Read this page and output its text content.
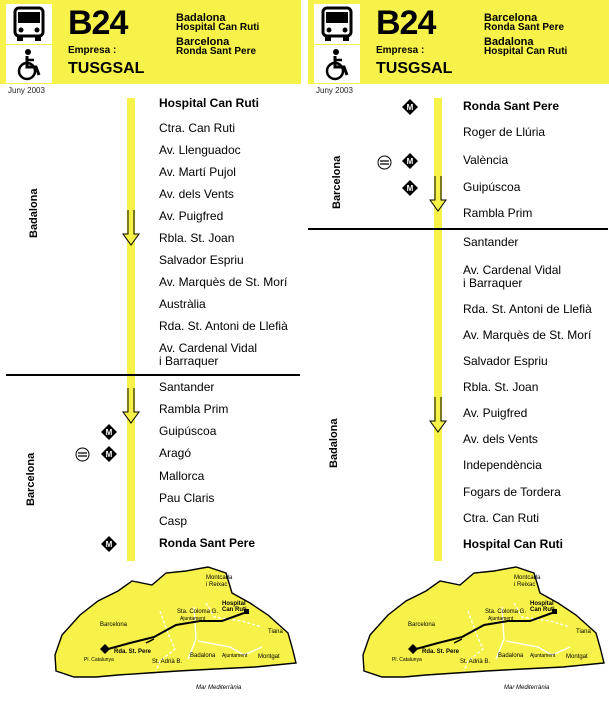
B24	Badalona
Hospital Can Ruti
Barcelona
Ronda Sant Pere
Empresa :
TUSGSAL
Juny 2003
Badalona
Barcelona
Hospital Can Ruti
Ctra. Can Ruti
Av. Llenguadoc
Av. Martí Pujol
Av. dels Vents
Av. Puigfred
Rbla. St. Joan
Salvador Espriu
Av. Marquès de St. Morí
Austràlia
Rda. St. Antoni de Llefià
Av. Cardenal Vidal
i Barraquer
Santander
Rambla Prim
Guipúscoa
Aragó
Mallorca
Pau Claris
Casp
Ronda Sant Pere
M
M
M
Barcelona
Montcada
i Reixac
Sta. Coloma G.
Ajuntament
Hospital
Can Ruti
Tiana
Rda. St. Pere
Pl. Catalunya	St. Adrià B.
Badalona Ajuntament Montgat
Mar Mediterrània
B24	Barcelona
Ronda Sant Pere
Badalona
Hospital Can Ruti
Empresa :
TUSGSAL
Juny 2003
Barcelona
Badalona
Ronda Sant Pere
Roger de Llúria
València
Guipúscoa
Rambla Prim
Santander
Av. Cardenal Vidal
i Barraquer
Rda. St. Antoni de Llefià
Av. Marquès de St. Morí
Salvador Espriu
Rbla. St. Joan
Av. Puigfred
Av. dels Vents
Independència
Fogars de Tordera
Ctra. Can Ruti
Hospital Can Ruti
M
M
M
Barcelona
Montcada
i Reixac
Sta. Coloma G.
Ajuntament
Hospital
Can Ruti
Tiana
Rda. St. Pere
Pl. Catalunya	St. Adrià B.
Badalona Ajuntament Montgat
Mar Mediterrània
